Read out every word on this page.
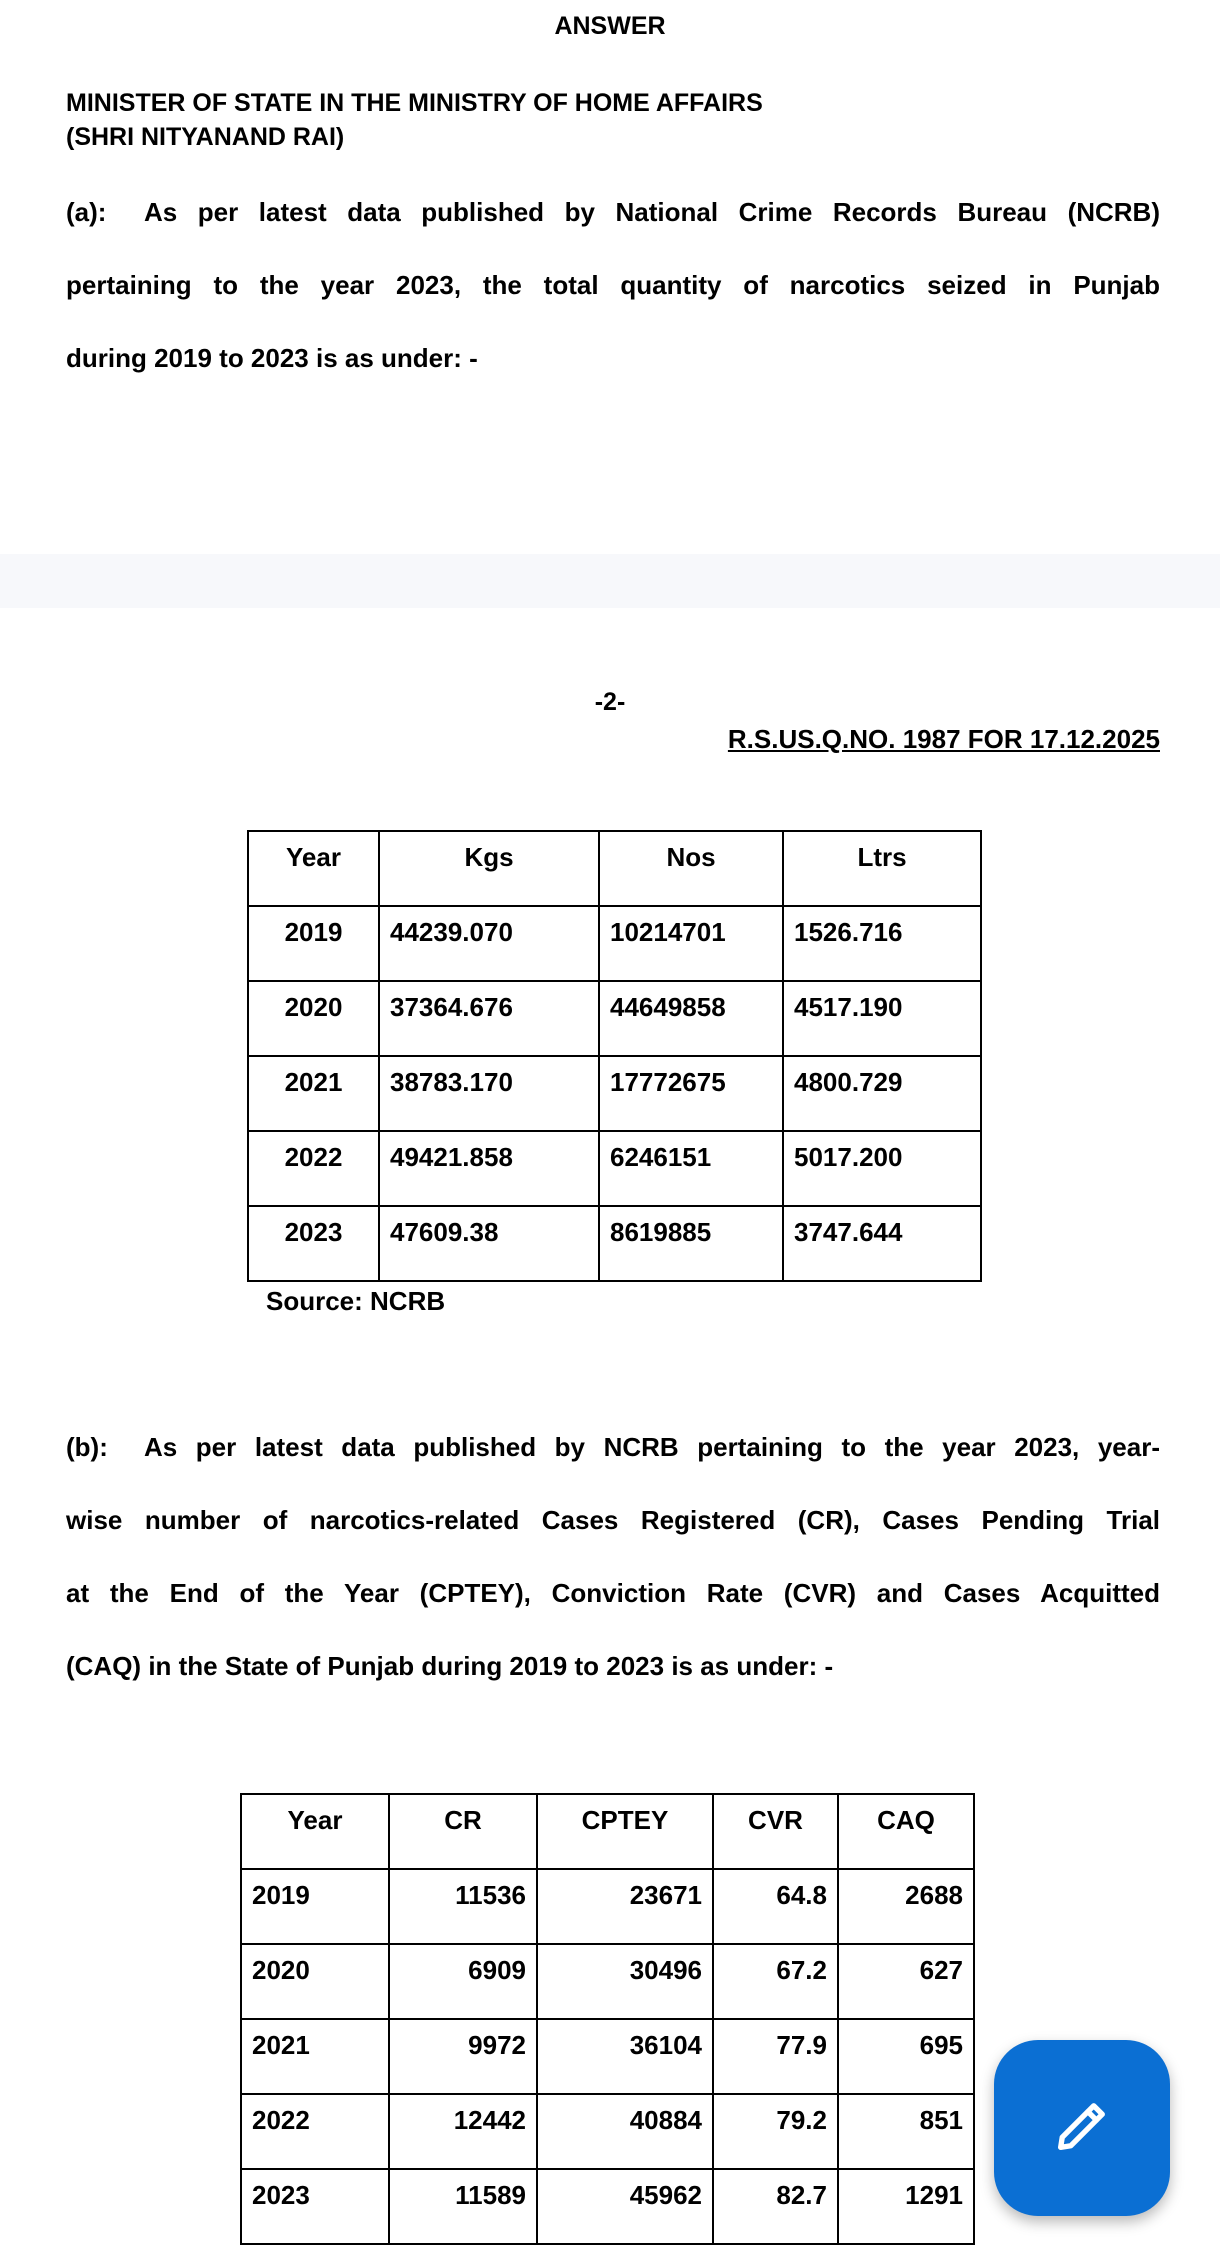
ANSWER
MINISTER OF STATE IN THE MINISTRY OF HOME AFFAIRS
(SHRI NITYANAND RAI)
(a): As per latest data published by National Crime Records Bureau (NCRB)
pertaining to the year 2023, the total quantity of narcotics seized in Punjab
during 2019 to 2023 is as under: -
-2-
R.S.US.Q.NO. 1987 FOR 17.12.2025
Year	Kgs	Nos	Ltrs
2019	44239.070	10214701	1526.716
2020	37364.676	44649858	4517.190
2021	38783.170	17772675	4800.729
2022	49421.858	6246151	5017.200
2023	47609.38	8619885	3747.644
Source: NCRB
(b): As per latest data published by NCRB pertaining to the year 2023, year-
wise number of narcotics-related Cases Registered (CR), Cases Pending Trial
at the End of the Year (CPTEY), Conviction Rate (CVR) and Cases Acquitted
(CAQ) in the State of Punjab during 2019 to 2023 is as under: -
Year	CR	CPTEY	CVR	CAQ
2019	11536	23671	64.8	2688
2020	6909	30496	67.2	627
2021	9972	36104	77.9	695
2022	12442	40884	79.2	851
2023	11589	45962	82.7	1291
